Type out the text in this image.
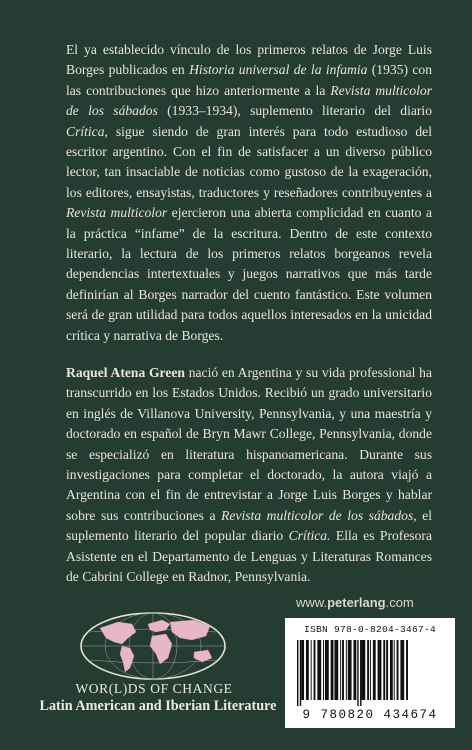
El ya establecido vínculo de los primeros relatos de Jorge Luis Borges publicados en Historia universal de la infamia (1935) con las contribuciones que hizo anteriormente a la Revista multicolor de los sábados (1933–1934), suplemento literario del diario Crítica, sigue siendo de gran interés para todo estudioso del escritor argentino. Con el fin de satisfacer a un diverso público lector, tan insaciable de noticias como gustoso de la exageración, los editores, ensayistas, traductores y reseñadores contribuyentes a Revista multicolor ejercieron una abierta complicidad en cuanto a la práctica “infame” de la escritura. Dentro de este contexto literario, la lectura de los primeros relatos borgeanos revela dependencias intertextuales y juegos narrativos que más tarde definirían al Borges narrador del cuento fantástico. Este volumen será de gran utilidad para todos aquellos interesados en la unicidad crítica y narrativa de Borges.

Raquel Atena Green nació en Argentina y su vida professional ha transcurrido en los Estados Unidos. Recibió un grado universitario en inglés de Villanova University, Pennsylvania, y una maestría y doctorado en español de Bryn Mawr College, Pennsylvania, donde se especializó en literatura hispanoamericana. Durante sus investigaciones para completar el doctorado, la autora viajó a Argentina con el fin de entrevistar a Jorge Luis Borges y hablar sobre sus contribuciones a Revista multicolor de los sábados, el suplemento literario del popular diario Crítica. Ella es Profesora Asistente en el Departamento de Lenguas y Literaturas Romances de Cabrini College en Radnor, Pennsylvania.

www.peterlang.com
WOR(L)DS OF CHANGE
Latin American and Iberian Literature
ISBN 978-0-8204-3467-4
9 780820 434674
